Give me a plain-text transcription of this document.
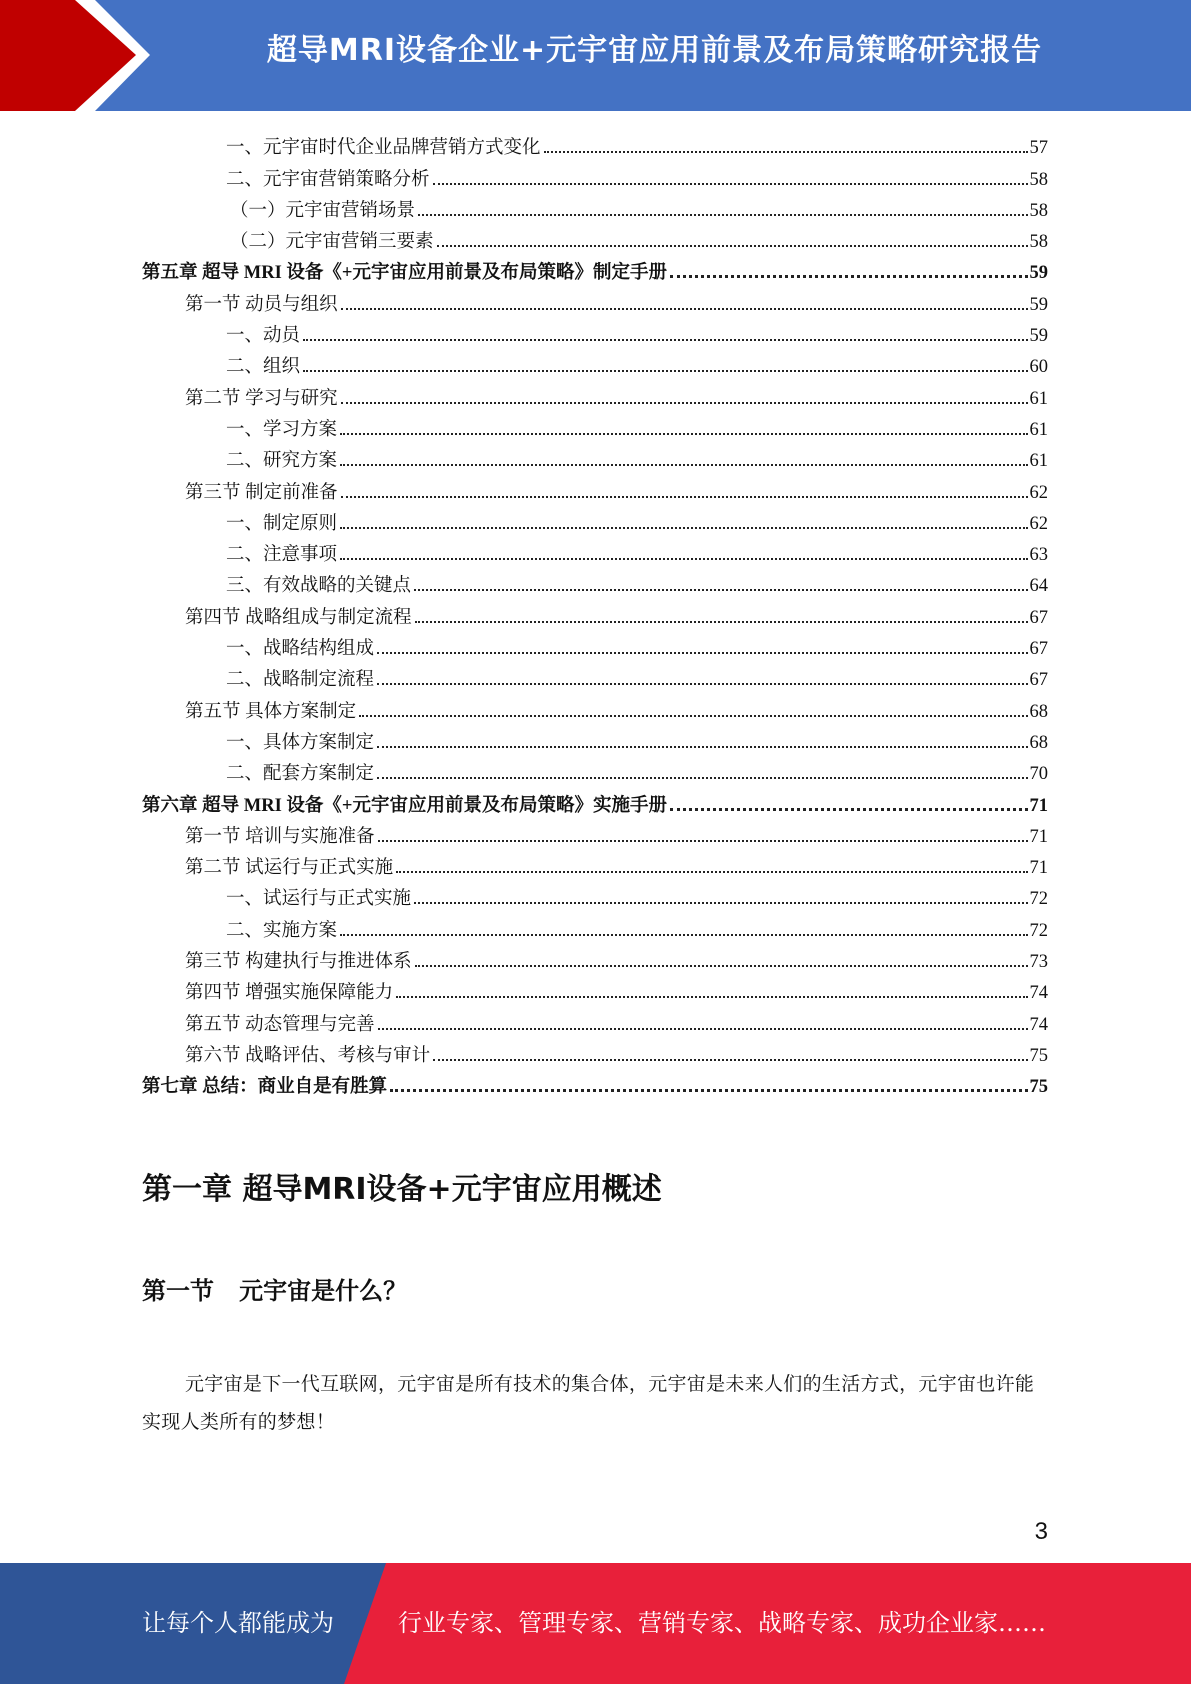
超导MRI设备企业+元宇宙应用前景及布局策略研究报告
一、元宇宙时代企业品牌营销方式变化	57
二、元宇宙营销策略分析	58
（一）元宇宙营销场景	58
（二）元宇宙营销三要素	58
第五章 超导 MRI 设备《+元宇宙应用前景及布局策略》制定手册	59
第一节 动员与组织	59
一、动员	59
二、组织	60
第二节 学习与研究	61
一、学习方案	61
二、研究方案	61
第三节 制定前准备	62
一、制定原则	62
二、注意事项	63
三、有效战略的关键点	64
第四节 战略组成与制定流程	67
一、战略结构组成	67
二、战略制定流程	67
第五节 具体方案制定	68
一、具体方案制定	68
二、配套方案制定	70
第六章 超导 MRI 设备《+元宇宙应用前景及布局策略》实施手册	71
第一节 培训与实施准备	71
第二节 试运行与正式实施	71
一、试运行与正式实施	72
二、实施方案	72
第三节 构建执行与推进体系	73
第四节 增强实施保障能力	74
第五节 动态管理与完善	74
第六节 战略评估、考核与审计	75
第七章 总结：商业自是有胜算	75
第一章 超导MRI设备+元宇宙应用概述
第一节   元宇宙是什么？

元宇宙是下一代互联网，元宇宙是所有技术的集合体，元宇宙是未来人们的生活方式，元宇宙也许能实现人类所有的梦想！

3
让每个人都能成为	行业专家、管理专家、营销专家、战略专家、成功企业家……
